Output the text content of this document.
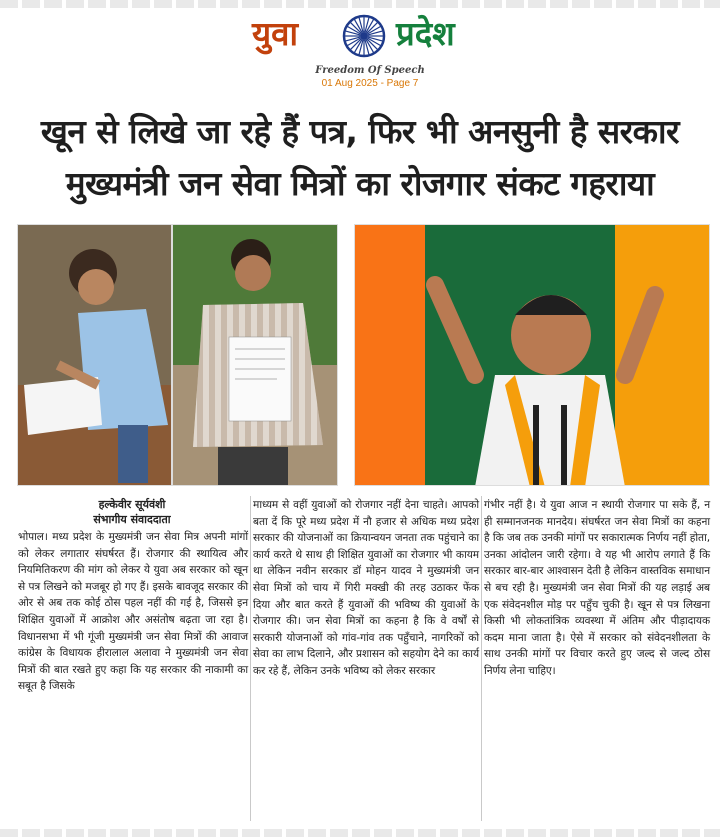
युवा	प्रदेश
Freedom Of Speech
01 Aug 2025 - Page 7
खून से लिखे जा रहे हैं पत्र, फिर भी अनसुनी है सरकार
मुख्यमंत्री जन सेवा मित्रों का रोजगार संकट गहराया
हल्केवीर सूर्यवंशी
संभागीय संवाददाता

भोपाल। मध्य प्रदेश के मुख्यमंत्री जन सेवा मित्र अपनी मांगों को लेकर लगातार संघर्षरत हैं। रोजगार की स्थायित्व और नियमितिकरण की मांग को लेकर ये युवा अब सरकार को खून से पत्र लिखने को मजबूर हो गए हैं। इसके बावजूद सरकार की ओर से अब तक कोई ठोस पहल नहीं की गई है, जिससे इन शिक्षित युवाओं में आक्रोश और असंतोष बढ़ता जा रहा है। विधानसभा में भी गूंजी मुख्यमंत्री जन सेवा मित्रों की आवाज कांग्रेस के विधायक हीरालाल अलावा ने मुख्यमंत्री जन सेवा मित्रों की बात रखते हुए कहा कि यह सरकार की नाकामी का सबूत है जिसके

माध्यम से वहीं युवाओं को रोजगार नहीं देना चाहते। आपको बता दें कि पूरे मध्य प्रदेश में नौ हजार से अधिक मध्य प्रदेश सरकार की योजनाओं का क्रियान्वयन जनता तक पहुंचाने का कार्य करते थे साथ ही शिक्षित युवाओं का रोजगार भी कायम था लेकिन नवीन सरकार डॉ मोहन यादव ने मुख्यमंत्री जन सेवा मित्रों को चाय में गिरी मक्खी की तरह उठाकर फेंक दिया और बात करते हैं युवाओं की भविष्य की युवाओं के रोजगार की। जन सेवा मित्रों का कहना है कि वे वर्षों से सरकारी योजनाओं को गांव-गांव तक पहुँचाने, नागरिकों को सेवा का लाभ दिलाने, और प्रशासन को सहयोग देने का कार्य कर रहे हैं, लेकिन उनके भविष्य को लेकर सरकार

गंभीर नहीं है। ये युवा आज न स्थायी रोजगार पा सके हैं, न ही सम्मानजनक मानदेय। संघर्षरत जन सेवा मित्रों का कहना है कि जब तक उनकी मांगों पर सकारात्मक निर्णय नहीं होता, उनका आंदोलन जारी रहेगा। वे यह भी आरोप लगाते हैं कि सरकार बार-बार आश्वासन देती है लेकिन वास्तविक समाधान से बच रही है। मुख्यमंत्री जन सेवा मित्रों की यह लड़ाई अब एक संवेदनशील मोड़ पर पहुँच चुकी है। खून से पत्र लिखना किसी भी लोकतांत्रिक व्यवस्था में अंतिम और पीड़ादायक कदम माना जाता है। ऐसे में सरकार को संवेदनशीलता के साथ उनकी मांगों पर विचार करते हुए जल्द से जल्द ठोस निर्णय लेना चाहिए।
